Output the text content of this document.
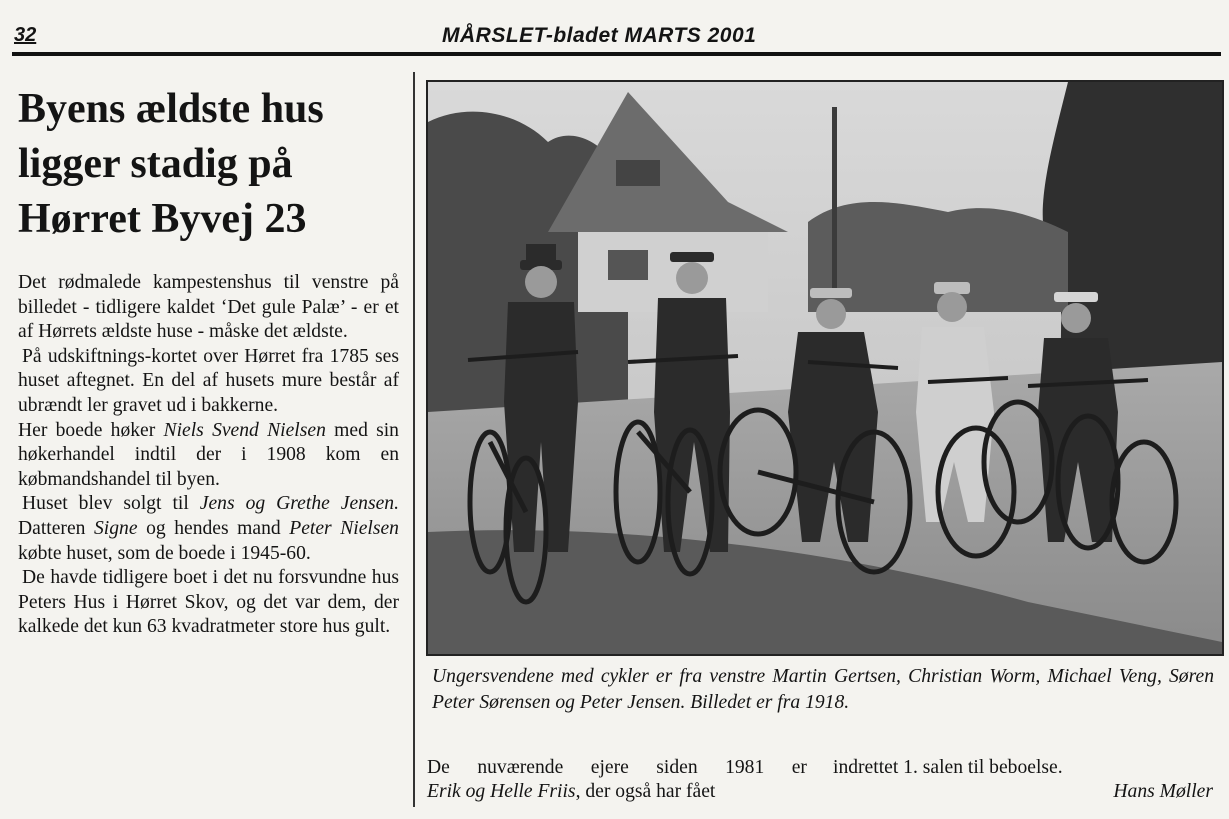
32	MÅRSLET-bladet MARTS 2001
Byens ældste hus
ligger stadig på
Hørret Byvej 23

Det rødmalede kampestenshus til venstre på billedet - tidligere kaldet ‘Det gule Palæ’ - er et af Hørrets ældste huse - måske det ældste.

På udskiftnings-kortet over Hørret fra 1785 ses huset aftegnet. En del af husets mure består af ubrændt ler gravet ud i bakkerne.

Her boede høker Niels Svend Nielsen med sin høkerhandel indtil der i 1908 kom en købmandshandel til byen.

Huset blev solgt til Jens og Grethe Jensen. Datteren Signe og hendes mand Peter Nielsen købte huset, som de boede i 1945-60.

De havde tidligere boet i det nu forsvundne hus Peters Hus i Hørret Skov, og det var dem, der kalkede det kun 63 kvadratmeter store hus gult.

Ungersvendene med cykler er fra venstre Martin Gertsen, Christian Worm, Michael Veng, Søren Peter Sørensen og Peter Jensen. Billedet er fra 1918.
De nuværende ejere siden 1981 er
Erik og Helle Friis, der også har fået
indrettet 1. salen til beboelse.
Hans Møller
